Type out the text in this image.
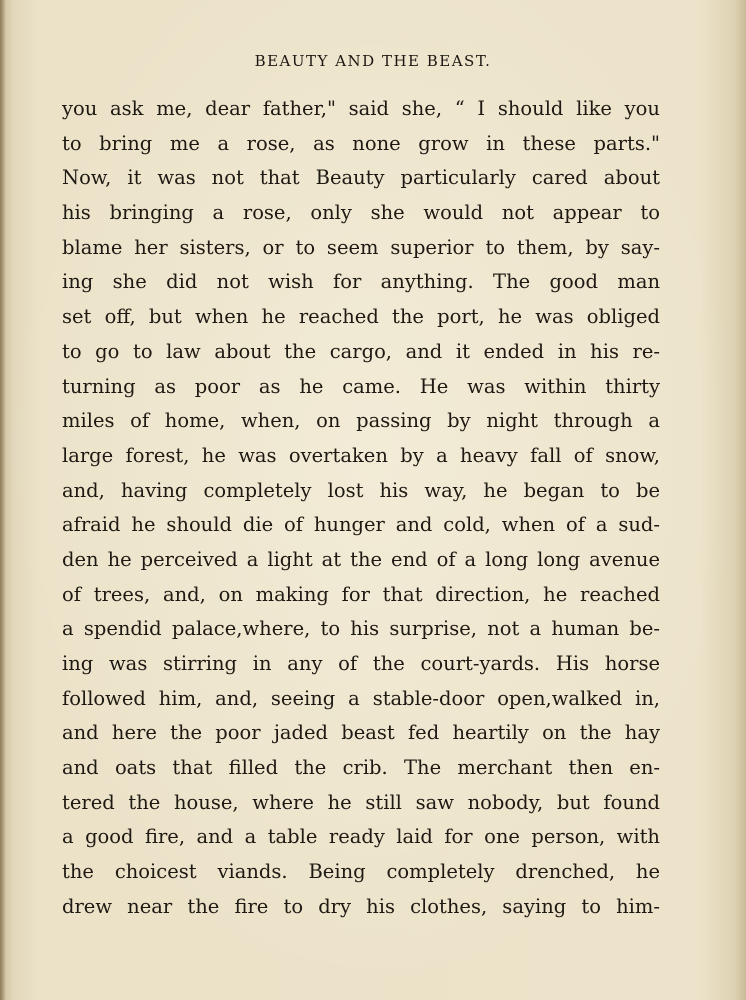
BEAUTY AND THE BEAST.
you ask me, dear father," said she, “ I should like you
to bring me a rose, as none grow in these parts."
Now, it was not that Beauty particularly cared about
his bringing a rose, only she would not appear to
blame her sisters, or to seem superior to them, by say-
ing she did not wish for anything. The good man
set off, but when he reached the port, he was obliged
to go to law about the cargo, and it ended in his re-
turning as poor as he came. He was within thirty
miles of home, when, on passing by night through a
large forest, he was overtaken by a heavy fall of snow,
and, having completely lost his way, he began to be
afraid he should die of hunger and cold, when of a sud-
den he perceived a light at the end of a long long avenue
of trees, and, on making for that direction, he reached
a spendid palace,where, to his surprise, not a human be-
ing was stirring in any of the court-yards. His horse
followed him, and, seeing a stable-door open,walked in,
and here the poor jaded beast fed heartily on the hay
and oats that filled the crib. The merchant then en-
tered the house, where he still saw nobody, but found
a good fire, and a table ready laid for one person, with
the choicest viands. Being completely drenched, he
drew near the fire to dry his clothes, saying to him-
